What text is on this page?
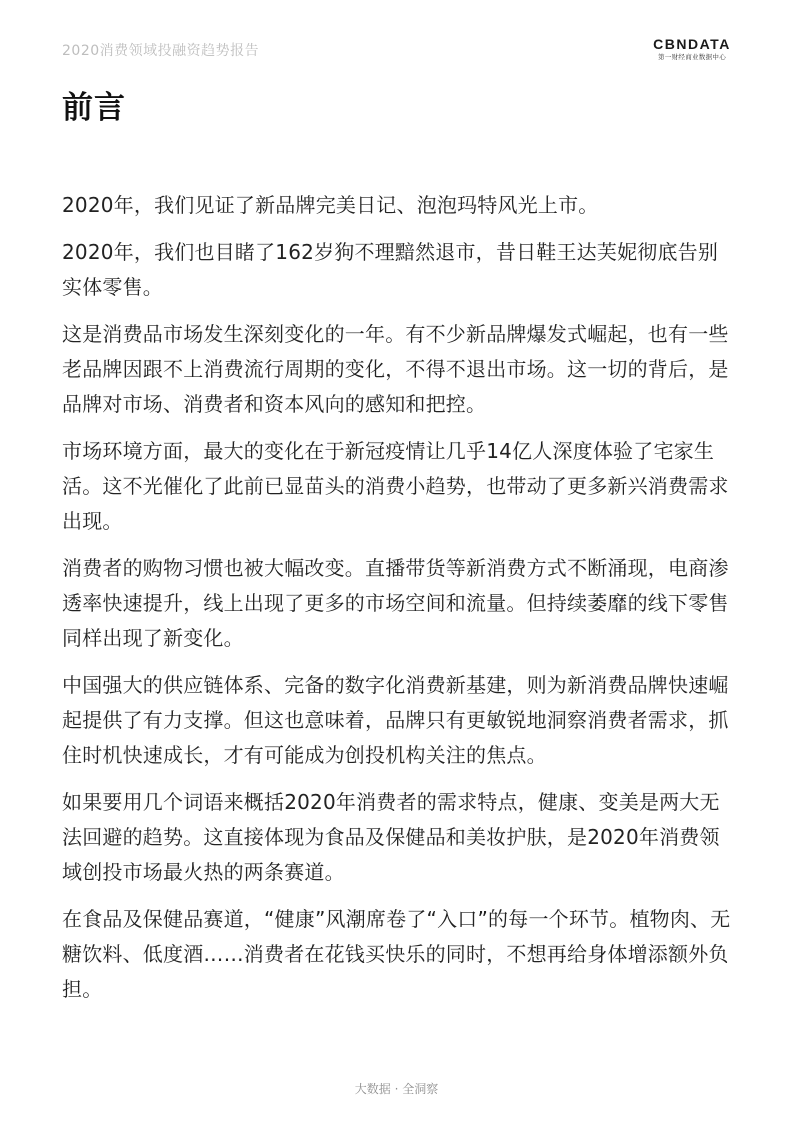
2020消费领域投融资趋势报告	CBNDATA
第一财经商业数据中心
前言

2020年，我们见证了新品牌完美日记、泡泡玛特风光上市。

2020年，我们也目睹了162岁狗不理黯然退市，昔日鞋王达芙妮彻底告别实体零售。

这是消费品市场发生深刻变化的一年。有不少新品牌爆发式崛起，也有一些老品牌因跟不上消费流行周期的变化，不得不退出市场。这一切的背后，是品牌对市场、消费者和资本风向的感知和把控。

市场环境方面，最大的变化在于新冠疫情让几乎14亿人深度体验了宅家生活。这不光催化了此前已显苗头的消费小趋势，也带动了更多新兴消费需求出现。

消费者的购物习惯也被大幅改变。直播带货等新消费方式不断涌现，电商渗透率快速提升，线上出现了更多的市场空间和流量。但持续萎靡的线下零售同样出现了新变化。

中国强大的供应链体系、完备的数字化消费新基建，则为新消费品牌快速崛起提供了有力支撑。但这也意味着，品牌只有更敏锐地洞察消费者需求，抓住时机快速成长，才有可能成为创投机构关注的焦点。

如果要用几个词语来概括2020年消费者的需求特点，健康、变美是两大无法回避的趋势。这直接体现为食品及保健品和美妆护肤，是2020年消费领域创投市场最火热的两条赛道。

在食品及保健品赛道，“健康”风潮席卷了“入口”的每一个环节。植物肉、无糖饮料、低度酒……消费者在花钱买快乐的同时，不想再给身体增添额外负担。

大数据 · 全洞察
